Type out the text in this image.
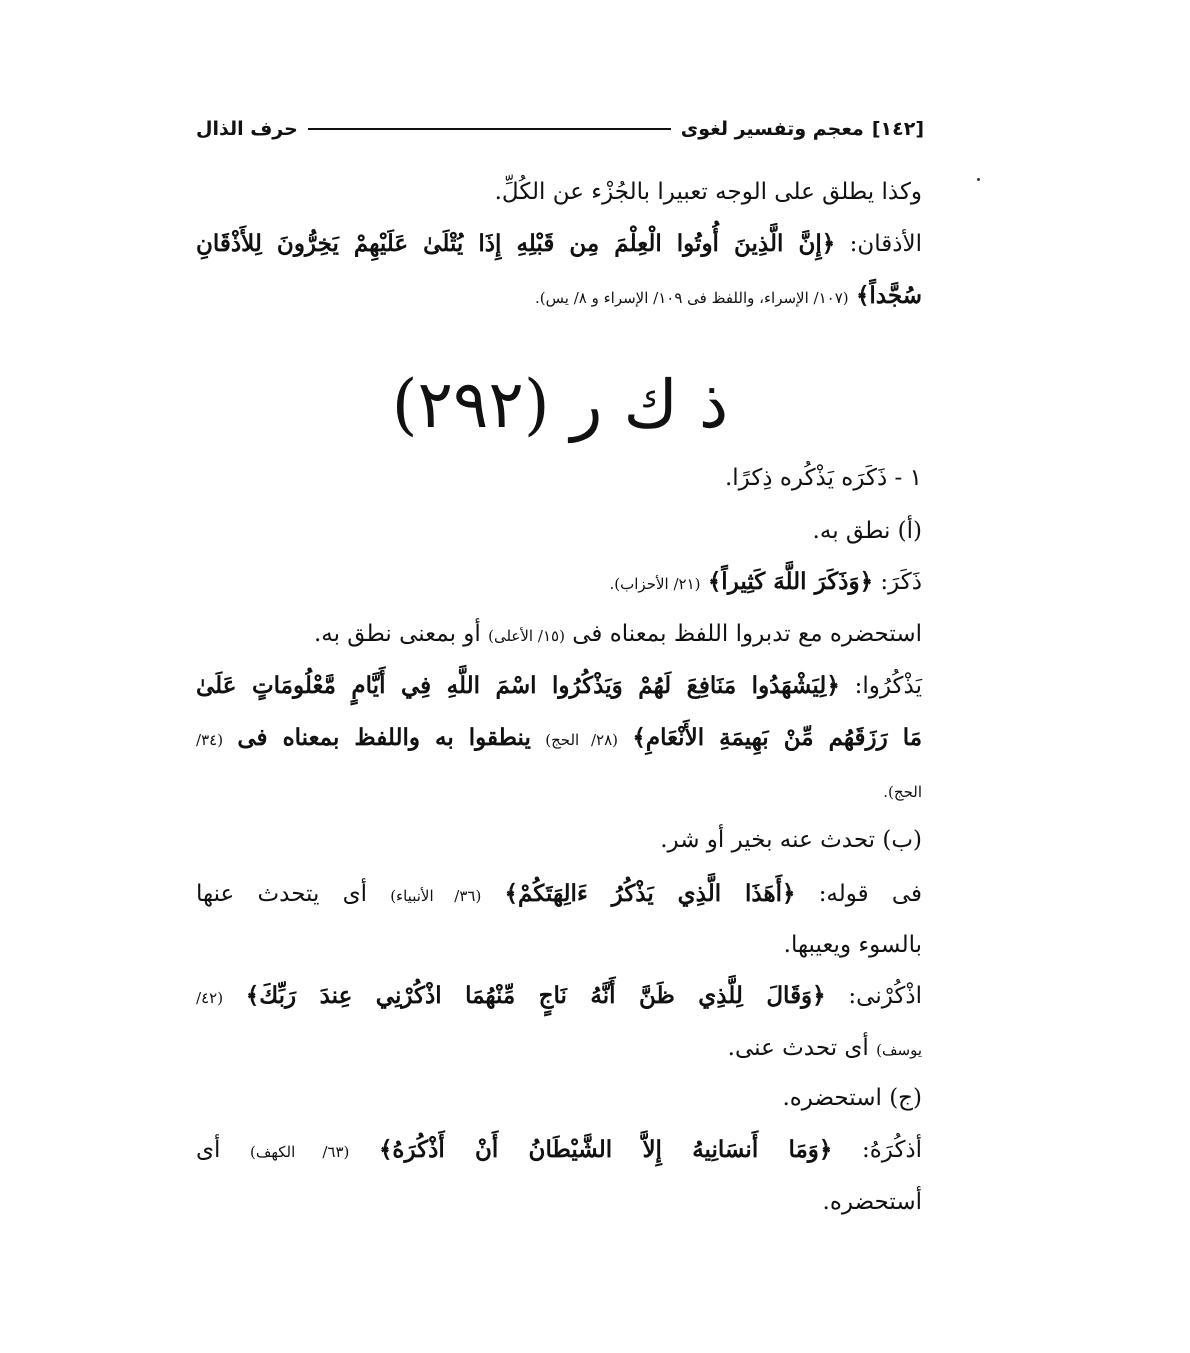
[١٤٢]
معجم وتفسير لغوى
حرف الذال
وكذا يطلق على الوجه تعبيرا بالجُزْء عن الكُلِّ.
الأذقان: ﴿إِنَّ الَّذِينَ أُوتُوا الْعِلْمَ مِن قَبْلِهِ إِذَا يُتْلَىٰ عَلَيْهِمْ يَخِرُّونَ لِلأَذْقَانِ
سُجَّداً﴾ (١٠٧/ الإسراء، واللفظ فى ١٠٩/ الإسراء و ٨/ يس).
ذ ك ر (٢٩٢)
١ - ذَكَرَه يَذْكُره ذِكرًا.
(أ) نطق به.
ذَكَرَ: ﴿وَذَكَرَ اللَّهَ كَثِيراً﴾ (٢١/ الأحزاب).
استحضره مع تدبروا اللفظ بمعناه فى (١٥/ الأعلى) أو بمعنى نطق به.
يَذْكُرُوا: ﴿لِيَشْهَدُوا مَنَافِعَ لَهُمْ وَيَذْكُرُوا اسْمَ اللَّهِ فِي أَيَّامٍ مَّعْلُومَاتٍ عَلَىٰ
مَا رَزَقَهُم مِّنْ بَهِيمَةِ الأَنْعَامِ﴾ (٢٨/ الحج) ينطقوا به واللفظ بمعناه فى (٣٤/
الحج).
(ب) تحدث عنه بخير أو شر.
فى قوله: ﴿أَهَذَا الَّذِي يَذْكُرُ ءَالِهَتَكُمْ﴾ (٣٦/ الأنبياء) أى يتحدث عنها
بالسوء ويعيبها.
اذْكُرْنى: ﴿وَقَالَ لِلَّذِي ظَنَّ أَنَّهُ نَاجٍ مِّنْهُمَا اذْكُرْنِي عِندَ رَبِّكَ﴾ (٤٢/
يوسف) أى تحدث عنى.
(ج) استحضره.
أذكُرَهُ: ﴿وَمَا أَنسَانِيهُ إِلاَّ الشَّيْطَانُ أَنْ أَذْكُرَهُ﴾ (٦٣/ الكهف) أى
أستحضره.
